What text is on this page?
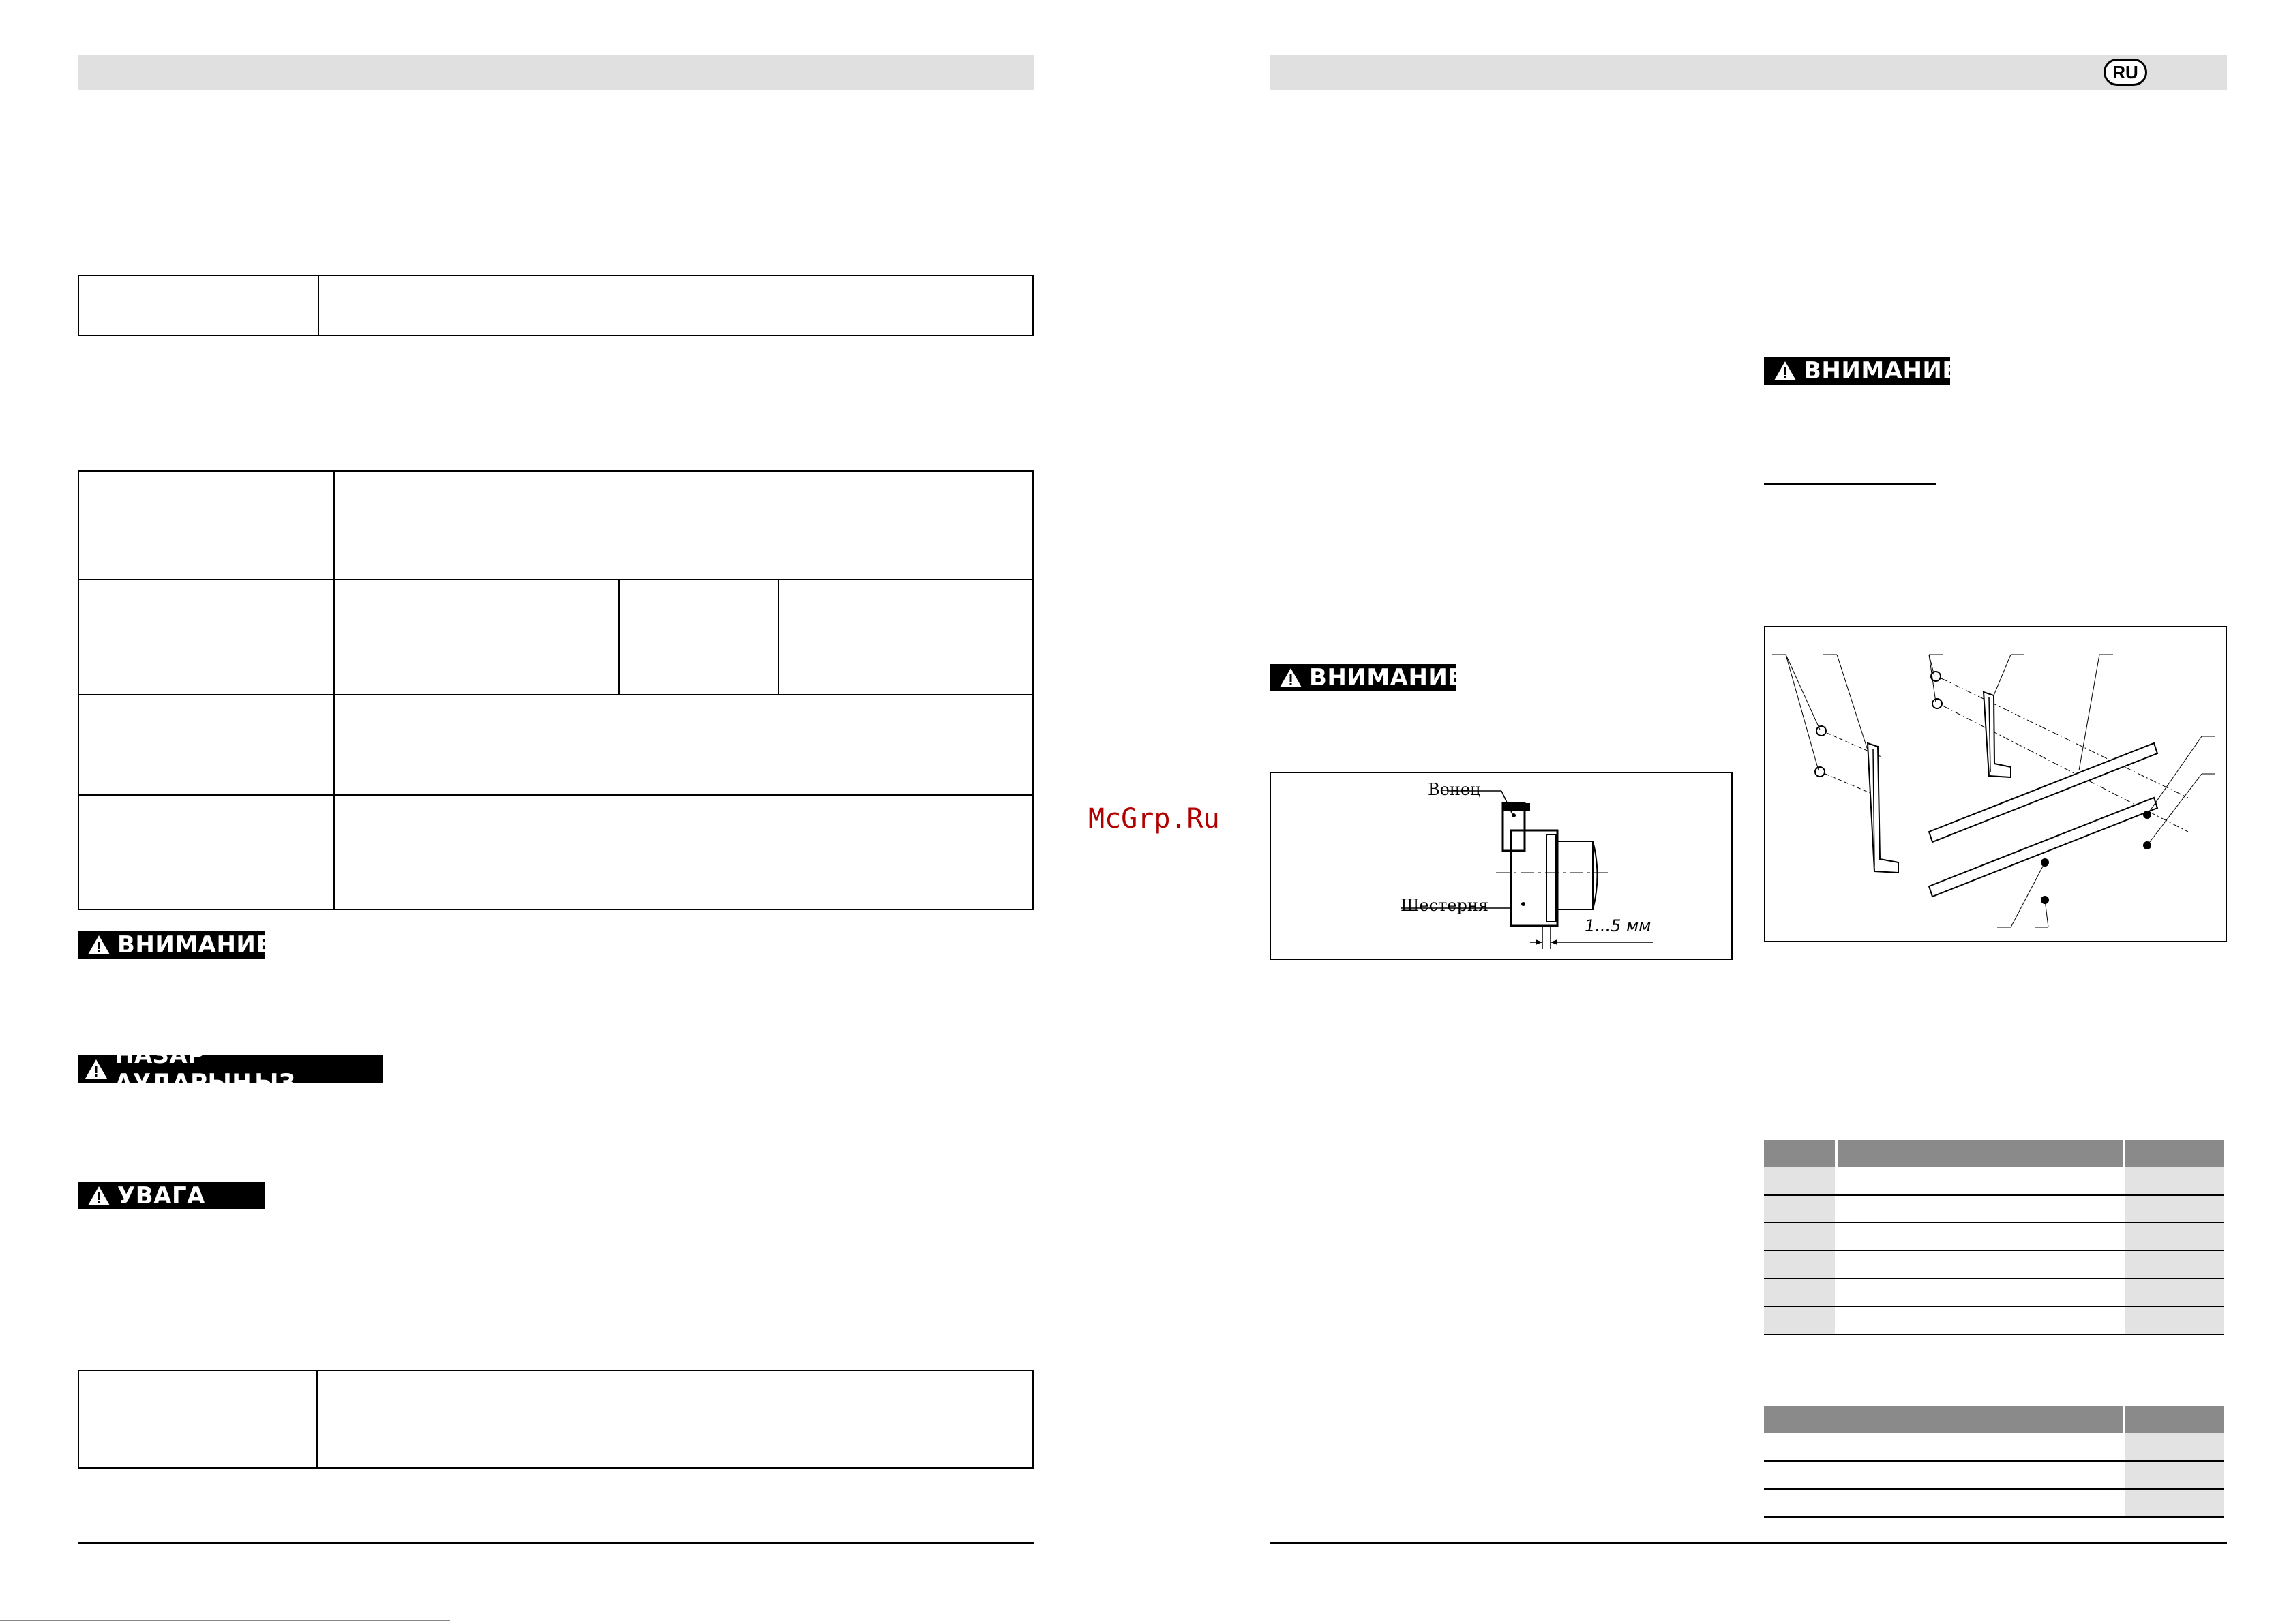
ВНИМАНИЕ
НАЗАР АУДАРЫҢЫЗ
УВАГА
McGrp.Ru
RU
ВНИМАНИЕ
ВНИМАНИЕ
Венец
Шестерня
1...5 мм
